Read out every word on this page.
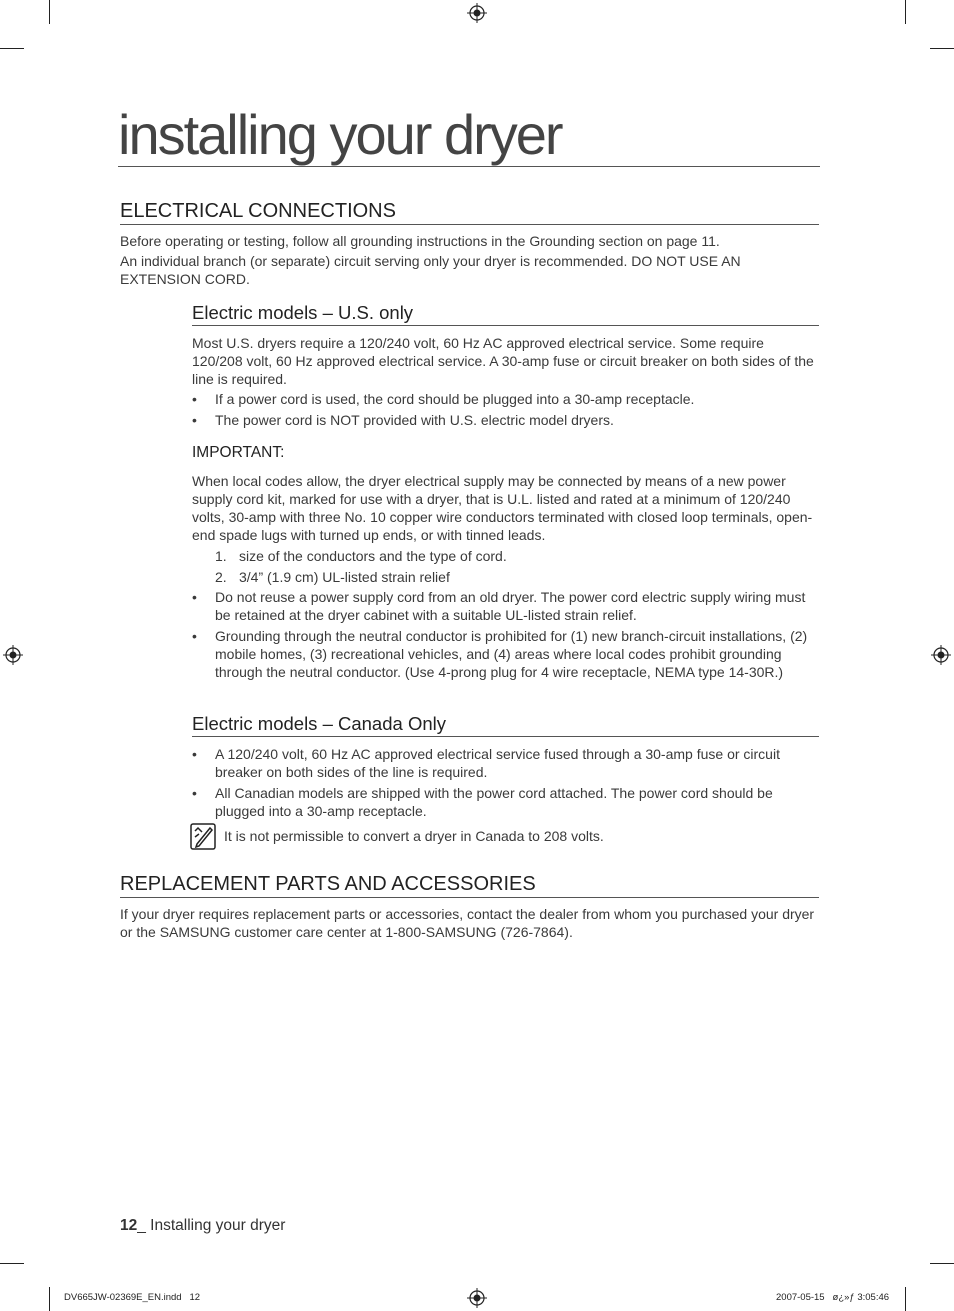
installing your dryer
ELECTRICAL CONNECTIONS
Before operating or testing, follow all grounding instructions in the Grounding section on page 11.
An individual branch (or separate) circuit serving only your dryer is recommended. DO NOT USE AN EXTENSION CORD.
Electric models – U.S. only
Most U.S. dryers require a 120/240 volt, 60 Hz AC approved electrical service. Some require 120/208 volt, 60 Hz approved electrical service. A 30-amp fuse or circuit breaker on both sides of the line is required.
•	If a power cord is used, the cord should be plugged into a 30-amp receptacle.
•	The power cord is NOT provided with U.S. electric model dryers.
IMPORTANT:
When local codes allow, the dryer electrical supply may be connected by means of a new power supply cord kit, marked for use with a dryer, that is U.L. listed and rated at a minimum of 120/240 volts, 30-amp with three No. 10 copper wire conductors terminated with closed loop terminals, open-end spade lugs with turned up ends, or with tinned leads.
1. size of the conductors and the type of cord.
2. 3/4” (1.9 cm) UL-listed strain relief
•	Do not reuse a power supply cord from an old dryer. The power cord electric supply wiring must be retained at the dryer cabinet with a suitable UL-listed strain relief.
•	Grounding through the neutral conductor is prohibited for (1) new branch-circuit installations, (2) mobile homes, (3) recreational vehicles, and (4) areas where local codes prohibit grounding through the neutral conductor. (Use 4-prong plug for 4 wire receptacle, NEMA type 14-30R.)
Electric models – Canada Only
•	A 120/240 volt, 60 Hz AC approved electrical service fused through a 30-amp fuse or circuit breaker on both sides of the line is required.
•	All Canadian models are shipped with the power cord attached. The power cord should be plugged into a 30-amp receptacle.
It is not permissible to convert a dryer in Canada to 208 volts.
REPLACEMENT PARTS AND ACCESSORIES
If your dryer requires replacement parts or accessories, contact the dealer from whom you purchased your dryer or the SAMSUNG customer care center at 1-800-SAMSUNG (726-7864).
12_ Installing your dryer
DV665JW-02369E_EN.indd   12	2007-05-15   ø¿»ƒ 3:05:46
